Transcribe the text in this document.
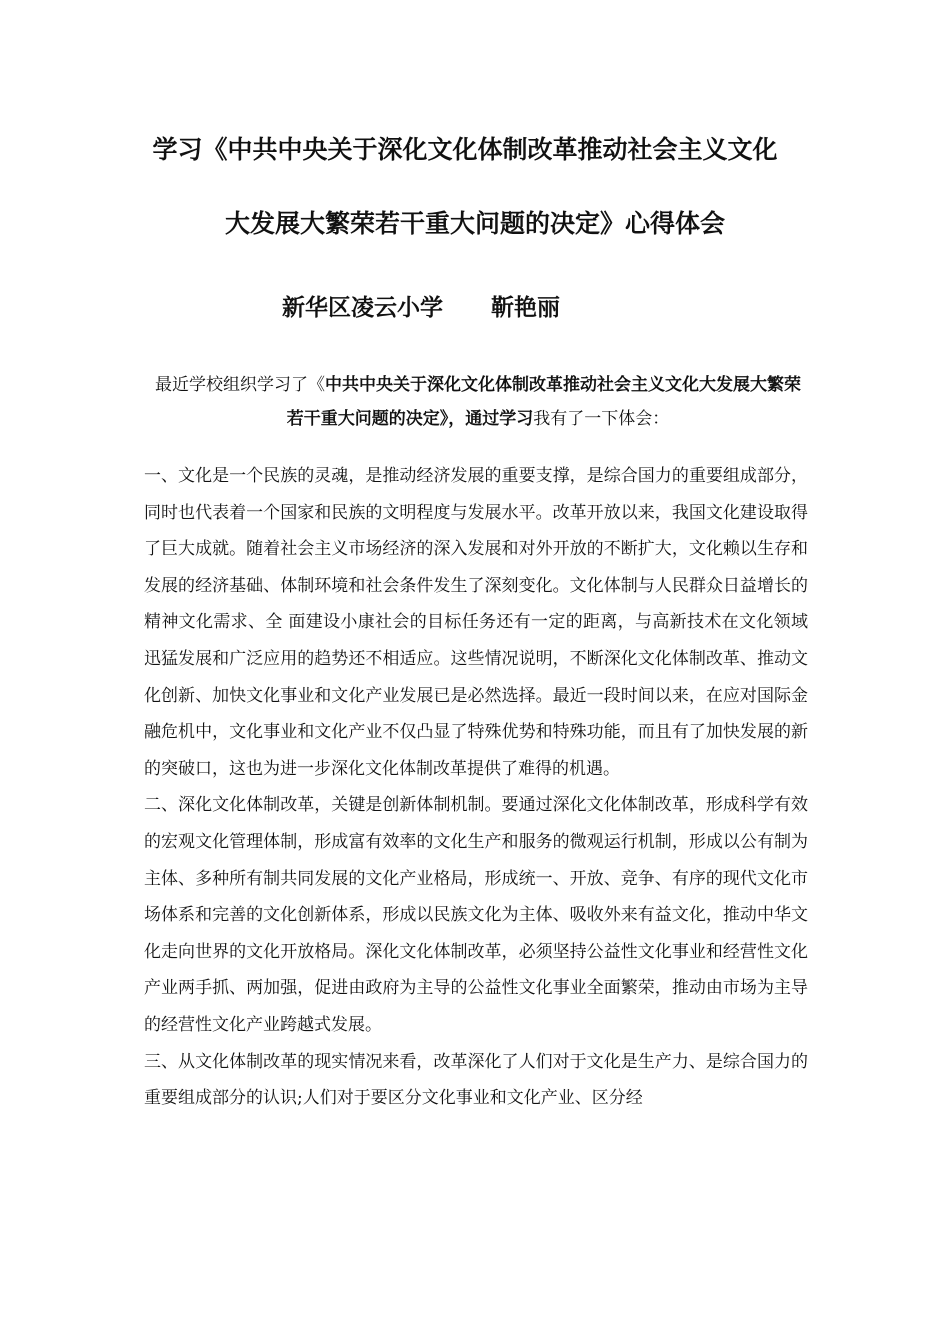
学习《中共中央关于深化文化体制改革推动社会主义文化
大发展大繁荣若干重大问题的决定》心得体会
新华区凌云小学 靳艳丽
最近学校组织学习了《中共中央关于深化文化体制改革推动社会主义文化大发展大繁荣若干重大问题的决定》，通过学习我有了一下体会：

一、文化是一个民族的灵魂，是推动经济发展的重要支撑，是综合国力的重要组成部分，同时也代表着一个国家和民族的文明程度与发展水平。改革开放以来，我国文化建设取得了巨大成就。随着社会主义市场经济的深入发展和对外开放的不断扩大，文化赖以生存和发展的经济基础、体制环境和社会条件发生了深刻变化。文化体制与人民群众日益增长的精神文化需求、全 面建设小康社会的目标任务还有一定的距离，与高新技术在文化领域迅猛发展和广泛应用的趋势还不相适应。这些情况说明，不断深化文化体制改革、推动文化创新、加快文化事业和文化产业发展已是必然选择。最近一段时间以来，在应对国际金融危机中，文化事业和文化产业不仅凸显了特殊优势和特殊功能，而且有了加快发展的新的突破口，这也为进一步深化文化体制改革提供了难得的机遇。

二、深化文化体制改革，关键是创新体制机制。要通过深化文化体制改革，形成科学有效的宏观文化管理体制，形成富有效率的文化生产和服务的微观运行机制，形成以公有制为主体、多种所有制共同发展的文化产业格局，形成统一、开放、竞争、有序的现代文化市场体系和完善的文化创新体系，形成以民族文化为主体、吸收外来有益文化，推动中华文化走向世界的文化开放格局。深化文化体制改革，必须坚持公益性文化事业和经营性文化产业两手抓、两加强，促进由政府为主导的公益性文化事业全面繁荣，推动由市场为主导的经营性文化产业跨越式发展。

三、从文化体制改革的现实情况来看，改革深化了人们对于文化是生产力、是综合国力的重要组成部分的认识;人们对于要区分文化事业和文化产业、区分经
